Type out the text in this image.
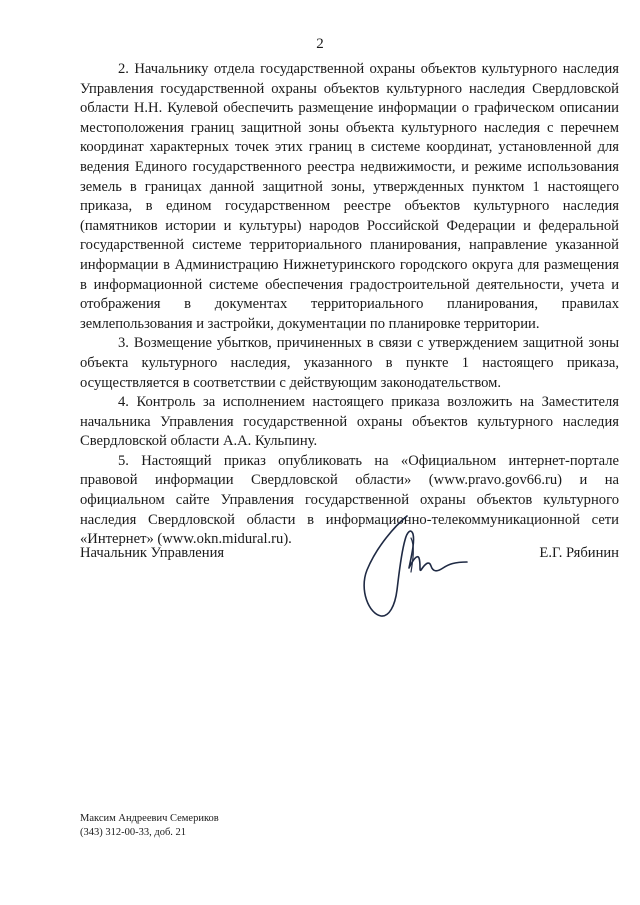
2

2. Начальнику отдела государственной охраны объектов культурного наследия Управления государственной охраны объектов культурного наследия Свердловской области Н.Н. Кулевой обеспечить размещение информации о графическом описании местоположения границ защитной зоны объекта культурного наследия с перечнем координат характерных точек этих границ в системе координат, установленной для ведения Единого государственного реестра недвижимости, и режиме использования земель в границах данной защитной зоны, утвержденных пунктом 1 настоящего приказа, в едином государственном реестре объектов культурного наследия (памятников истории и культуры) народов Российской Федерации и федеральной государственной системе территориального планирования, направление указанной информации в Администрацию Нижнетуринского городского округа для размещения в информационной системе обеспечения градостроительной деятельности, учета и отображения в документах территориального планирования, правилах землепользования и застройки, документации по планировке территории.

3. Возмещение убытков, причиненных в связи с утверждением защитной зоны объекта культурного наследия, указанного в пункте 1 настоящего приказа, осуществляется в соответствии с действующим законодательством.

4. Контроль за исполнением настоящего приказа возложить на Заместителя начальника Управления государственной охраны объектов культурного наследия Свердловской области А.А. Кульпину.

5. Настоящий приказ опубликовать на «Официальном интернет-портале правовой информации Свердловской области» (www.pravo.gov66.ru) и на официальном сайте Управления государственной охраны объектов культурного наследия Свердловской области в информационно-телекоммуникационной сети «Интернет» (www.okn.midural.ru).

Начальник Управления	Е.Г. Рябинин
Максим Андреевич Семериков
(343) 312-00-33, доб. 21
